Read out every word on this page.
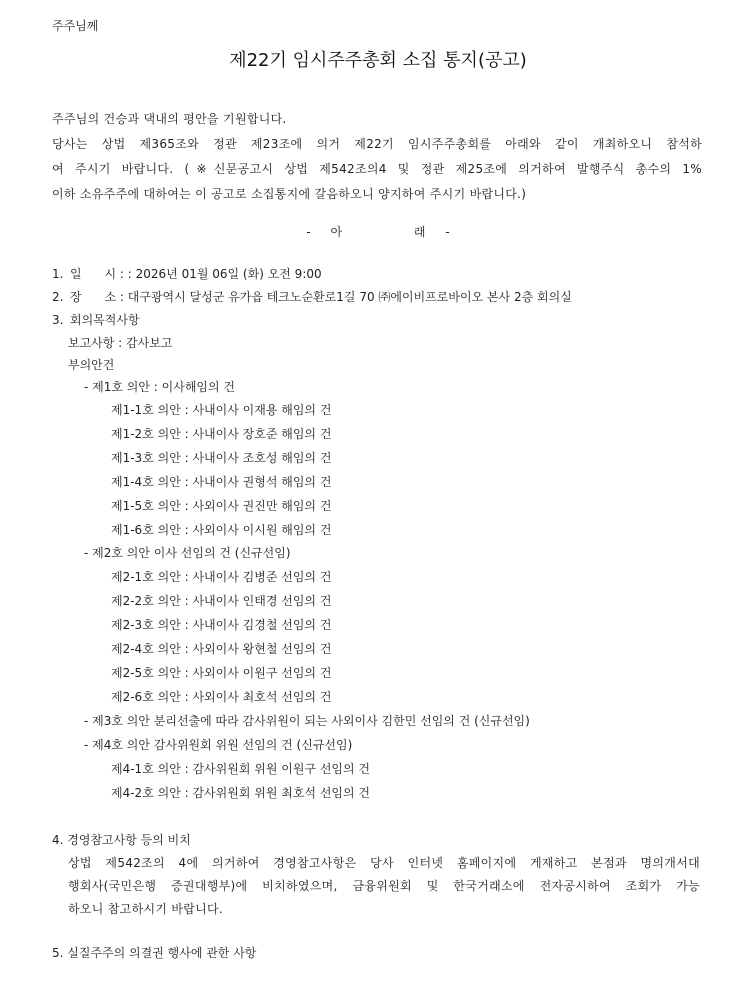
주주님께
제22기 임시주주총회 소집 통지(공고)
주주님의 건승과 댁내의 평안을 기원합니다.
당사는 상법 제365조와 정관 제23조에 의거 제22기 임시주주총회를 아래와 같이 개최하오니 참석하
여 주시기 바랍니다. (※신문공고시 상법 제542조의4 및 정관 제25조에 의거하여 발행주식 총수의 1%
이하 소유주주에 대하여는 이 공고로 소집통지에 갈음하오니 양지하여 주시기 바랍니다.)
- 아	래 -
1. 일      시 : : 2026년 01월 06일 (화) 오전 9:00
2. 장      소 : 대구광역시 달성군 유가읍 테크노순환로1길 70 ㈜에이비프로바이오 본사 2층 회의실
3. 회의목적사항
보고사항 : 감사보고
부의안건
- 제1호 의안 : 이사해임의 건
제1-1호 의안 : 사내이사 이재용 해임의 건
제1-2호 의안 : 사내이사 장호준 해임의 건
제1-3호 의안 : 사내이사 조호성 해임의 건
제1-4호 의안 : 사내이사 권형석 해임의 건
제1-5호 의안 : 사외이사 권진만 해임의 건
제1-6호 의안 : 사외이사 이시원 해임의 건
- 제2호 의안 이사 선임의 건 (신규선임)
제2-1호 의안 : 사내이사 김병준 선임의 건
제2-2호 의안 : 사내이사 인태경 선임의 건
제2-3호 의안 : 사내이사 김경철 선임의 건
제2-4호 의안 : 사외이사 왕현철 선임의 건
제2-5호 의안 : 사외이사 이원구 선임의 건
제2-6호 의안 : 사외이사 최호석 선임의 건
- 제3호 의안 분리선출에 따라 감사위원이 되는 사외이사 김한민 선임의 건 (신규선임)
- 제4호 의안 감사위원회 위원 선임의 건 (신규선임)
제4-1호 의안 : 감사위원회 위원 이원구 선임의 건
제4-2호 의안 : 감사위원회 위원 최호석 선임의 건
4. 경영참고사항 등의 비치
상법 제542조의 4에 의거하여 경영참고사항은 당사 인터넷 홈페이지에 게재하고 본점과 명의개서대
행회사(국민은행 증권대행부)에 비치하였으며, 금융위원회 및 한국거래소에 전자공시하여 조회가 가능
하오니 참고하시기 바랍니다.
5. 실질주주의 의결권 행사에 관한 사항
